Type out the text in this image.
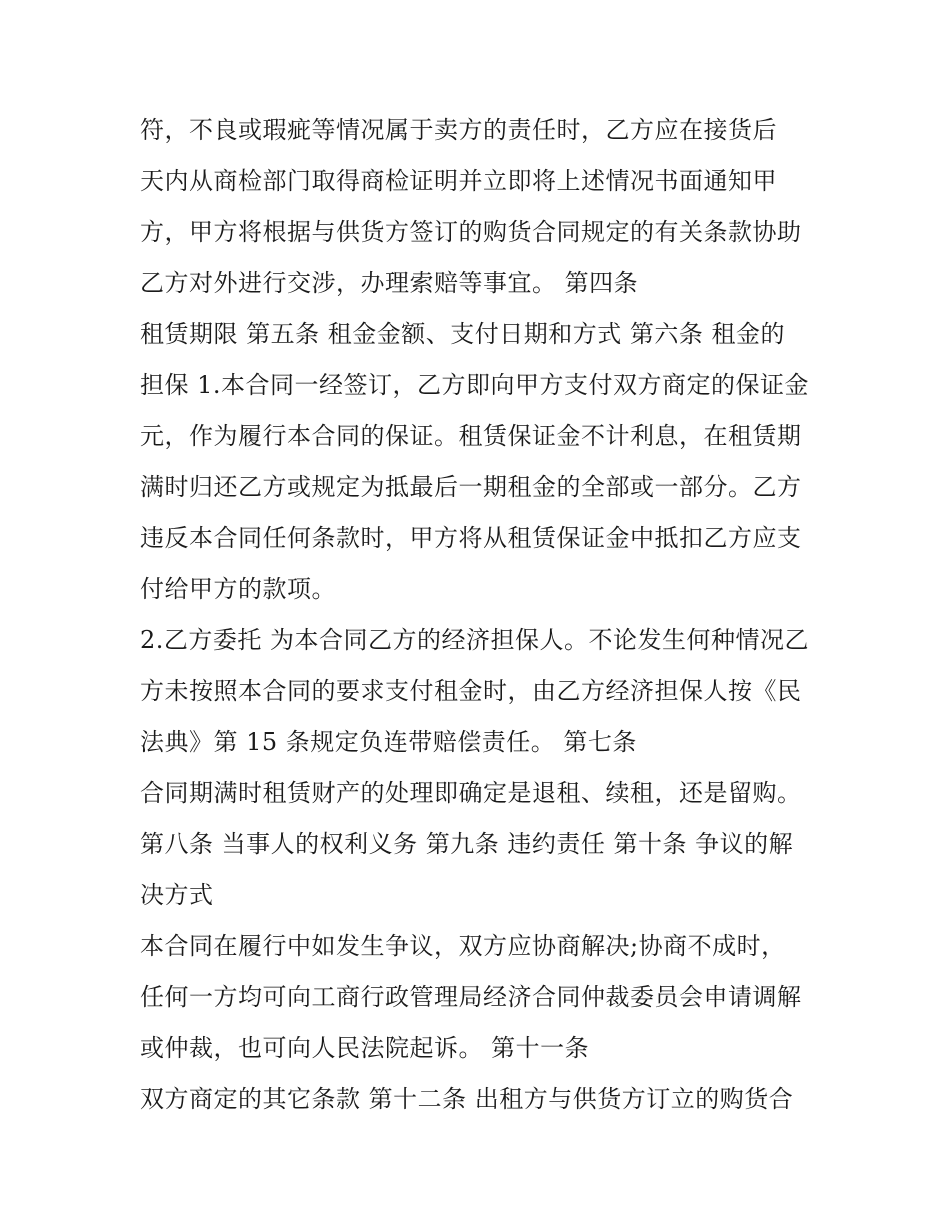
符，不良或瑕疵等情况属于卖方的责任时，乙方应在接货后
天内从商检部门取得商检证明并立即将上述情况书面通知甲
方，甲方将根据与供货方签订的购货合同规定的有关条款协助
乙方对外进行交涉，办理索赔等事宜。 第四条
租赁期限 第五条 租金金额、支付日期和方式 第六条 租金的
担保 1.本合同一经签订，乙方即向甲方支付双方商定的保证金
元，作为履行本合同的保证。租赁保证金不计利息，在租赁期
满时归还乙方或规定为抵最后一期租金的全部或一部分。乙方
违反本合同任何条款时，甲方将从租赁保证金中抵扣乙方应支
付给甲方的款项。
2.乙方委托 为本合同乙方的经济担保人。不论发生何种情况乙
方未按照本合同的要求支付租金时，由乙方经济担保人按《民
法典》第 15 条规定负连带赔偿责任。 第七条
合同期满时租赁财产的处理即确定是退租、续租，还是留购。
第八条 当事人的权利义务 第九条 违约责任 第十条 争议的解
决方式
本合同在履行中如发生争议，双方应协商解决;协商不成时，
任何一方均可向工商行政管理局经济合同仲裁委员会申请调解
或仲裁，也可向人民法院起诉。 第十一条
双方商定的其它条款 第十二条 出租方与供货方订立的购货合
